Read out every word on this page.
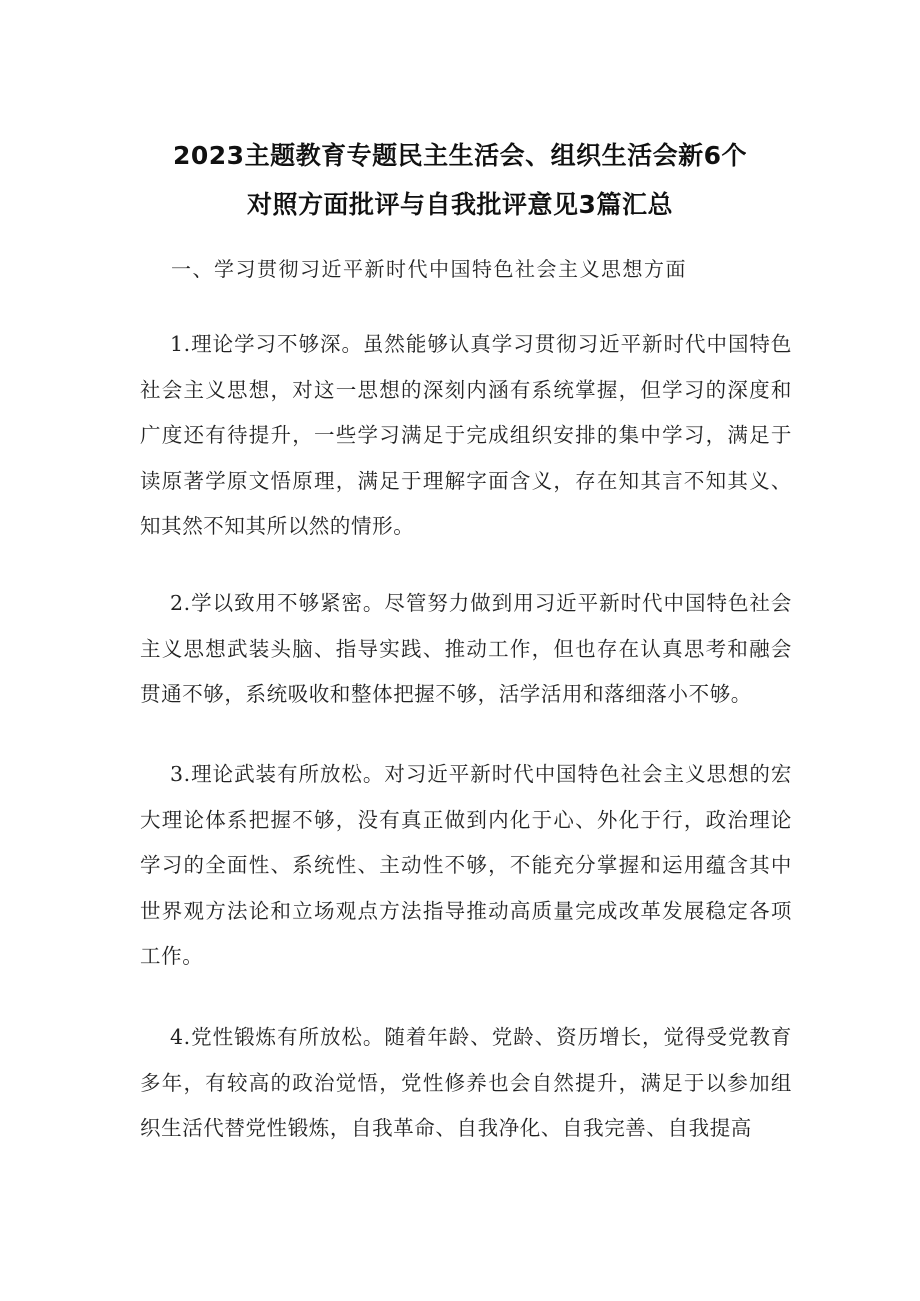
2023主题教育专题民主生活会、组织生活会新6个
对照方面批评与自我批评意见3篇汇总
一、学习贯彻习近平新时代中国特色社会主义思想方面

1.理论学习不够深。虽然能够认真学习贯彻习近平新时代中国特色社会主义思想，对这一思想的深刻内涵有系统掌握，但学习的深度和广度还有待提升，一些学习满足于完成组织安排的集中学习，满足于读原著学原文悟原理，满足于理解字面含义，存在知其言不知其义、知其然不知其所以然的情形。

2.学以致用不够紧密。尽管努力做到用习近平新时代中国特色社会主义思想武装头脑、指导实践、推动工作，但也存在认真思考和融会贯通不够，系统吸收和整体把握不够，活学活用和落细落小不够。

3.理论武装有所放松。对习近平新时代中国特色社会主义思想的宏大理论体系把握不够，没有真正做到内化于心、外化于行，政治理论学习的全面性、系统性、主动性不够，不能充分掌握和运用蕴含其中世界观方法论和立场观点方法指导推动高质量完成改革发展稳定各项工作。

4.党性锻炼有所放松。随着年龄、党龄、资历增长，觉得受党教育多年，有较高的政治觉悟，党性修养也会自然提升，满足于以参加组织生活代替党性锻炼，自我革命、自我净化、自我完善、自我提高
